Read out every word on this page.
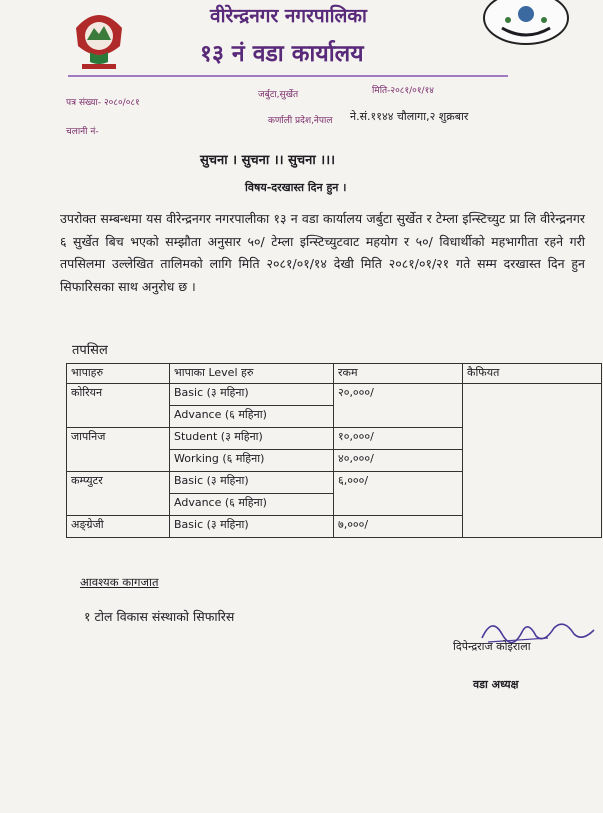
वीरेन्द्रनगर नगरपालिका
१३ नं वडा कार्यालय
पत्र संख्या- २०८०/०८१
चलानी नं-
जर्बुटा,सुर्खेत
कर्णाली प्रदेश,नेपाल
मिति-२०८१/०१/१४
ने.सं.११४४ चौलागा,२ शुक्रबार
सुचना । सुचना ।। सुचना ।।।
विषय-दरखास्त दिन हुन ।
उपरोक्त सम्बन्धमा यस वीरेन्द्रनगर नगरपालीका १३ न वडा कार्यालय जर्बुटा सुर्खेत र टेम्ला इन्स्टिच्युट प्रा लि वीरेन्द्रनगर ६ सुर्खेत बिच भएको सम्झौता अनुसार ५०/ टेम्ला इन्स्टिच्युटवाट महयोग र ५०/ विधार्थीको महभागीता रहने गरी तपसिलमा उल्लेखित तालिमको लागि मिति २०८१/०१/१४ देखी मिति २०८१/०१/२१ गते सम्म दरखास्त दिन हुन सिफारिसका साथ अनुरोध छ ।
तपसिल
भापाहरु	भापाका Level हरु	रकम	कैफियत
कोरियन	Basic (३ महिना)	२०,०००/	
	Advance (६ महिना)		
जापनिज	Student (३ महिना)	१०,०००/	
	Working (६ महिना)	४०,०००/	
कम्प्युटर	Basic (३ महिना)	६,०००/	
	Advance (६ महिना)		
अङ्ग्रेजी	Basic (३ महिना)	७,०००/	
आवश्यक कागजात
१ टोल विकास संस्थाको सिफारिस
दिपेन्द्रराज कोइराला
वडा अध्यक्ष
